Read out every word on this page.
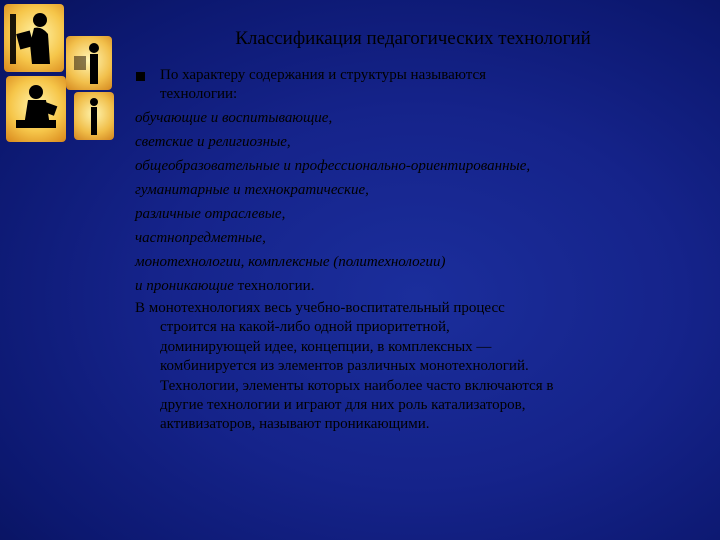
Классификация педагогических технологий
По характеру содержания и структуры называются
технологии:
обучающие и воспитывающие,
светские и религиозные,
общеобразовательные и профессионально-ориентированные,
гуманитарные и технократические,
различные отраслевые,
частнопредметные,
монотехнологии, комплексные (политехнологии)
и проникающие технологии.
В монотехнологиях весь учебно-воспитательный процесс
строится на какой-либо одной приоритетной,
доминирующей идее, концепции, в комплексных —
комбинируется из элементов различных монотехнологий.
Технологии, элементы которых наиболее часто включаются в
другие технологии и играют для них роль катализаторов,
активизаторов, называют проникающими.
